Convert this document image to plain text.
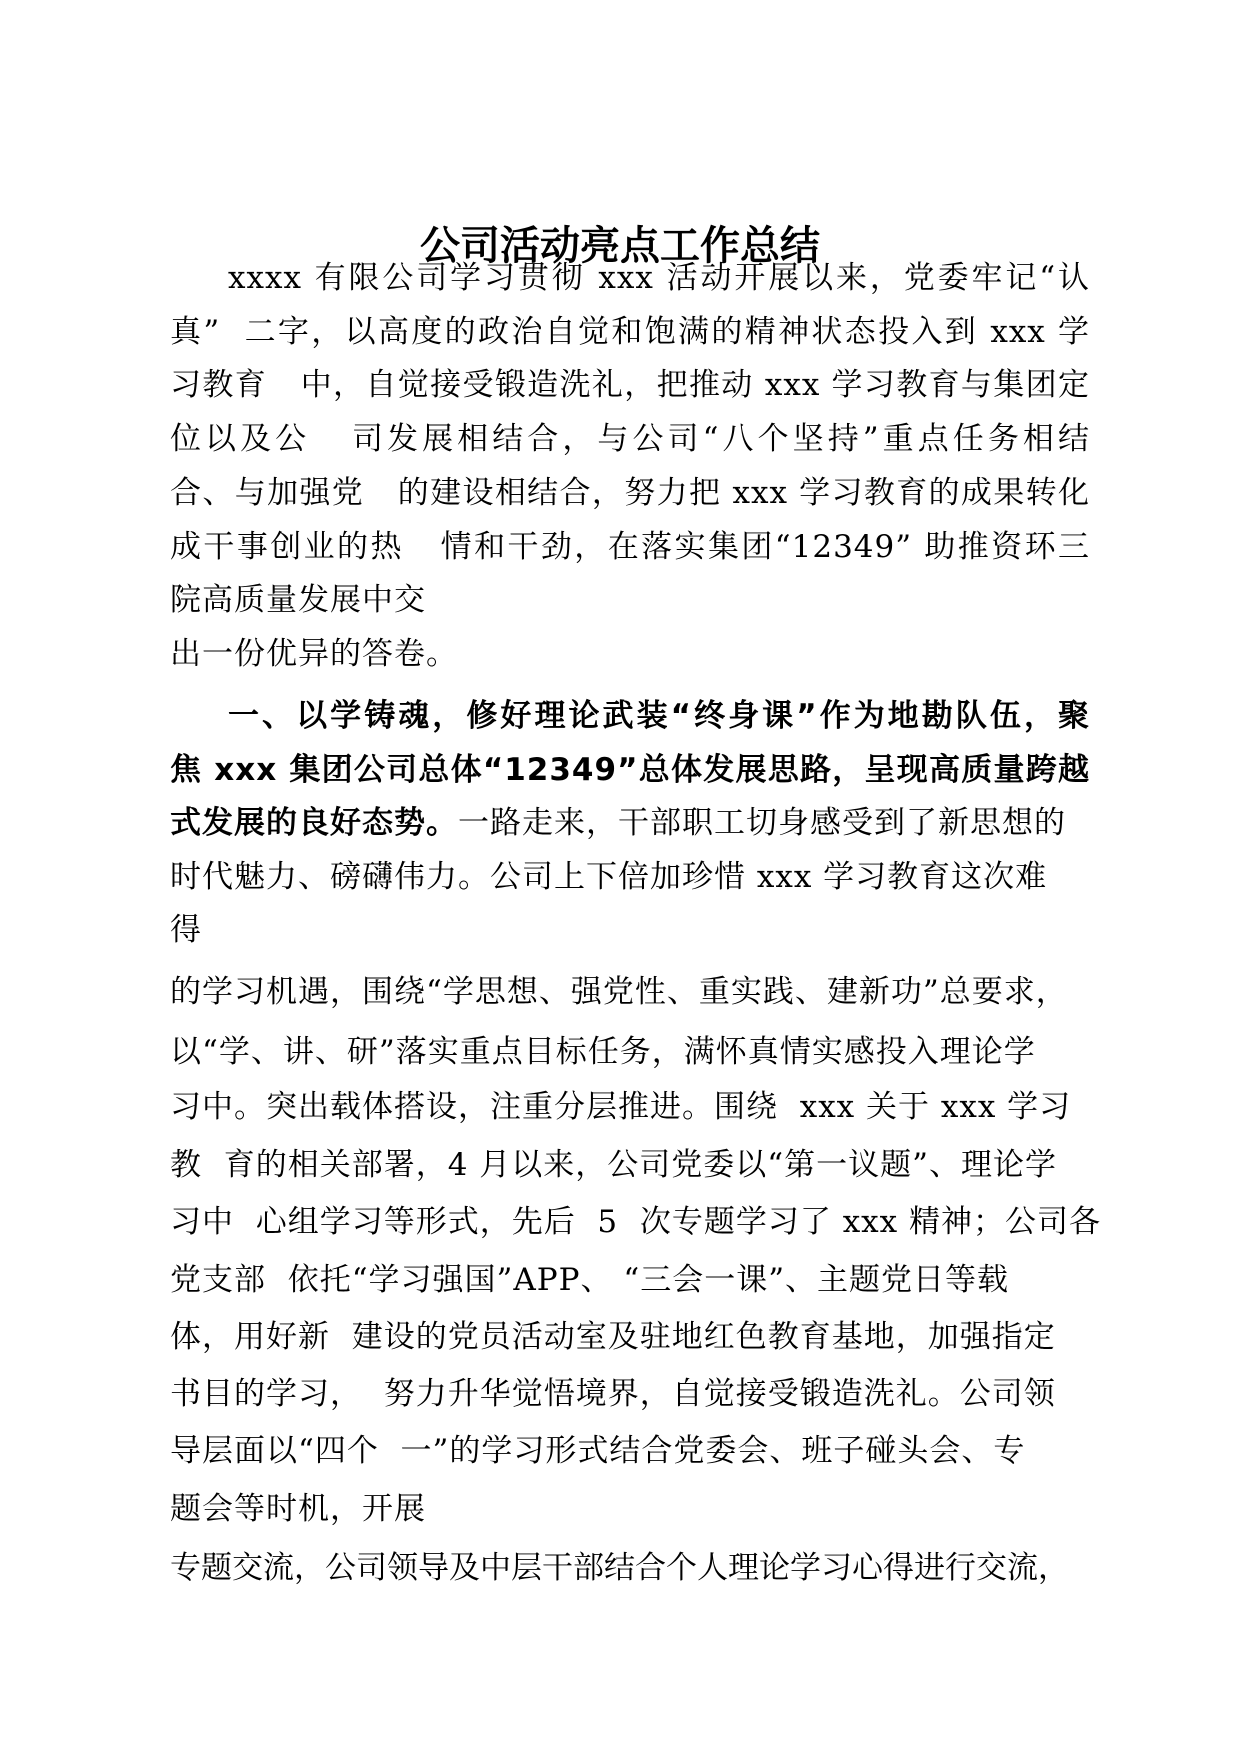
公司活动亮点工作总结
xxxx 有限公司学习贯彻 xxx 活动开展以来，党委牢记“认
真”  二字，以高度的政治自觉和饱满的精神状态投入到 xxx 学
习教育   中，自觉接受锻造洗礼，把推动 xxx 学习教育与集团定
位以及公   司发展相结合，与公司“八个坚持”重点任务相结
合、与加强党   的建设相结合，努力把 xxx 学习教育的成果转化
成干事创业的热   情和干劲，在落实集团“12349” 助推资环三
院高质量发展中交
出一份优异的答卷。
一、以学铸魂，修好理论武装“终身课”作为地勘队伍，聚
焦 xxx 集团公司总体“12349”总体发展思路，呈现高质量跨越
式发展的良好态势。一路走来，干部职工切身感受到了新思想的
时代魅力、磅礴伟力。公司上下倍加珍惜 xxx 学习教育这次难
得
的学习机遇，围绕“学思想、强党性、重实践、建新功”总要求，
以“学、讲、研”落实重点目标任务，满怀真情实感投入理论学
习中。突出载体搭设，注重分层推进。围绕  xxx 关于 xxx 学习
教  育的相关部署，4 月以来，公司党委以“第一议题”、理论学
习中  心组学习等形式，先后  5  次专题学习了 xxx 精神；公司各
党支部  依托“学习强国”APP、 “三会一课”、主题党日等载
体，用好新  建设的党员活动室及驻地红色教育基地，加强指定
书目的学习，  努力升华觉悟境界，自觉接受锻造洗礼。公司领
导层面以“四个  一”的学习形式结合党委会、班子碰头会、专
题会等时机，开展
专题交流，公司领导及中层干部结合个人理论学习心得进行交流，
